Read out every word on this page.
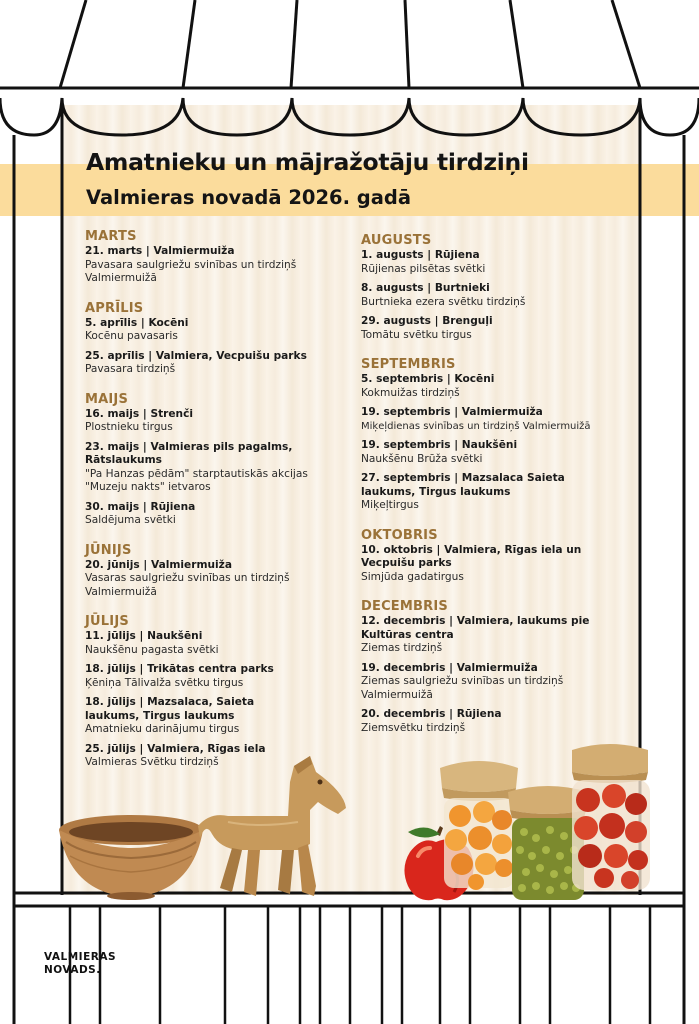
Amatnieku un mājražotāju tirdziņi
Valmieras novadā 2026. gadā
MARTS
21. marts | Valmiermuiža
Pavasara saulgriežu svinības un tirdziņš
Valmiermuižā
APRĪLIS
5. aprīlis | Kocēni
Kocēnu pavasaris
25. aprīlis | Valmiera, Vecpuišu parks
Pavasara tirdziņš
MAIJS
16. maijs | Strenči
Plostnieku tirgus
23. maijs | Valmieras pils pagalms, Rātslaukums
"Pa Hanzas pēdām" starptautiskās akcijas
"Muzeju nakts" ietvaros
30. maijs | Rūjiena
Saldējuma svētki
JŪNIJS
20. jūnijs | Valmiermuiža
Vasaras saulgriežu svinības un tirdziņš
Valmiermuižā
JŪLIJS
11. jūlijs | Naukšēni
Naukšēnu pagasta svētki
18. jūlijs | Trikātas centra parks
Ķēniņa Tālivalža svētku tirgus
18. jūlijs | Mazsalaca, Saieta laukums, Tirgus laukums
Amatnieku darinājumu tirgus
25. jūlijs | Valmiera, Rīgas iela
Valmieras Svētku tirdziņš
AUGUSTS
1. augusts | Rūjiena
Rūjienas pilsētas svētki
8. augusts | Burtnieki
Burtnieka ezera svētku tirdziņš
29. augusts | Brenguļi
Tomātu svētku tirgus
SEPTEMBRIS
5. septembris | Kocēni
Kokmuižas tirdziņš
19. septembris | Valmiermuiža
Miķeļdienas svinības un tirdziņš Valmiermuižā
19. septembris | Naukšēni
Naukšēnu Brūža svētki
27. septembris | Mazsalaca Saieta laukums, Tirgus laukums
Miķeļtirgus
OKTOBRIS
10. oktobris | Valmiera, Rīgas iela un Vecpuišu parks
Simjūda gadatirgus
DECEMBRIS
12. decembris | Valmiera, laukums pie Kultūras centra
Ziemas tirdziņš
19. decembris | Valmiermuiža
Ziemas saulgriežu svinības un tirdziņš
Valmiermuižā
20. decembris | Rūjiena
Ziemsvētku tirdziņš
VALMIERAS
NOVADS.
